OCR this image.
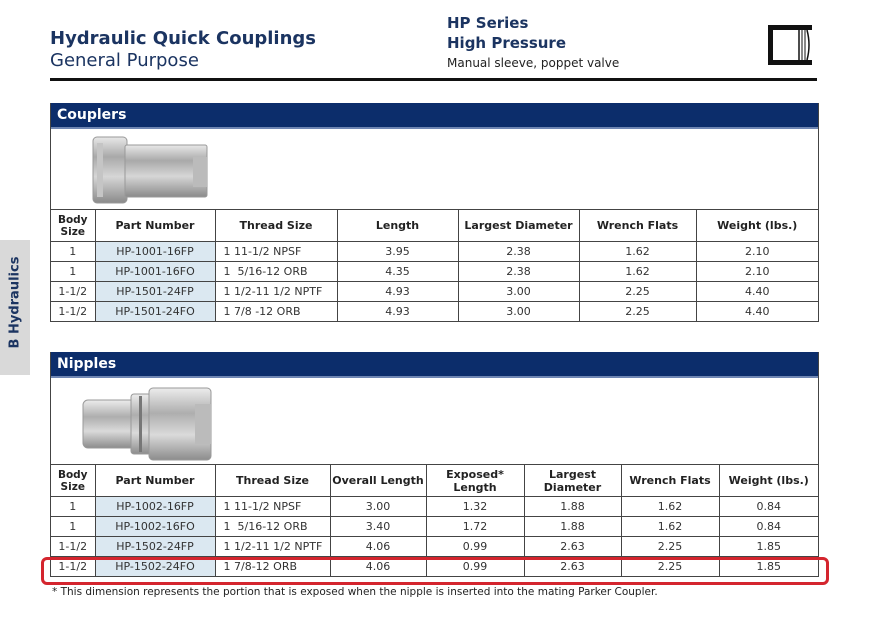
Hydraulic Quick Couplings
General Purpose
HP Series
High Pressure
Manual sleeve, poppet valve
B Hydraulics
Couplers
Body Size	Part Number	Thread Size	Length	Largest Diameter	Wrench Flats	Weight (lbs.)
1	HP-1001-16FP	1 11-1/2 NPSF	3.95	2.38	1.62	2.10
1	HP-1001-16FO	1  5/16-12 ORB	4.35	2.38	1.62	2.10
1-1/2	HP-1501-24FP	1 1/2-11 1/2 NPTF	4.93	3.00	2.25	4.40
1-1/2	HP-1501-24FO	1 7/8 -12 ORB	4.93	3.00	2.25	4.40
Nipples
Body Size	Part Number	Thread Size	Overall Length	Exposed* Length	Largest Diameter	Wrench Flats	Weight (lbs.)
1	HP-1002-16FP	1 11-1/2 NPSF	3.00	1.32	1.88	1.62	0.84
1	HP-1002-16FO	1  5/16-12 ORB	3.40	1.72	1.88	1.62	0.84
1-1/2	HP-1502-24FP	1 1/2-11 1/2 NPTF	4.06	0.99	2.63	2.25	1.85
1-1/2	HP-1502-24FO	1 7/8-12 ORB	4.06	0.99	2.63	2.25	1.85
* This dimension represents the portion that is exposed when the nipple is inserted into the mating Parker Coupler.
